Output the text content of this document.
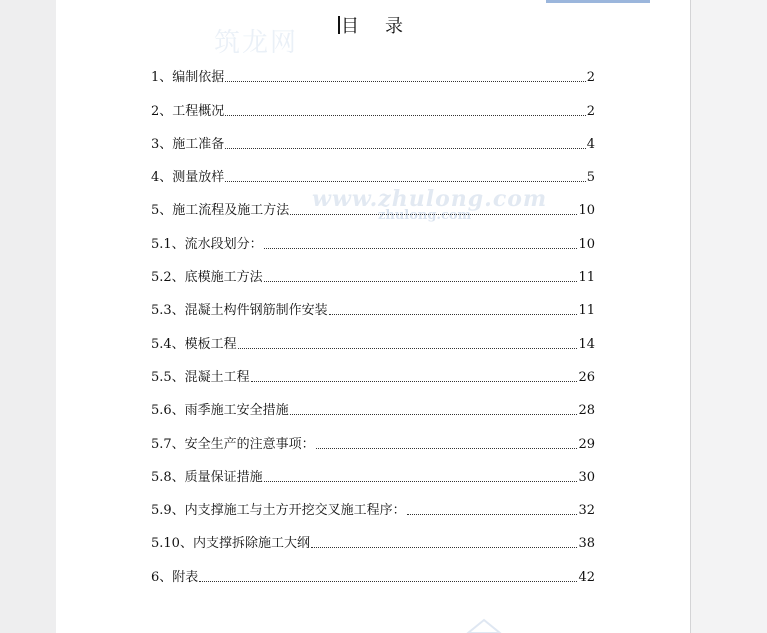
筑龙网
www.zhulong.com
zhulong.com
目 录
1、编制依据	2
2、工程概况	2
3、施工准备	4
4、测量放样	5
5、施工流程及施工方法	10
5.1、流水段划分：	10
5.2、底模施工方法	11
5.3、混凝土构件钢筋制作安装	11
5.4、模板工程	14
5.5、混凝土工程	26
5.6、雨季施工安全措施	28
5.7、安全生产的注意事项：	29
5.8、质量保证措施	30
5.9、内支撑施工与土方开挖交叉施工程序：	32
5.10、内支撑拆除施工大纲	38
6、附表	42
